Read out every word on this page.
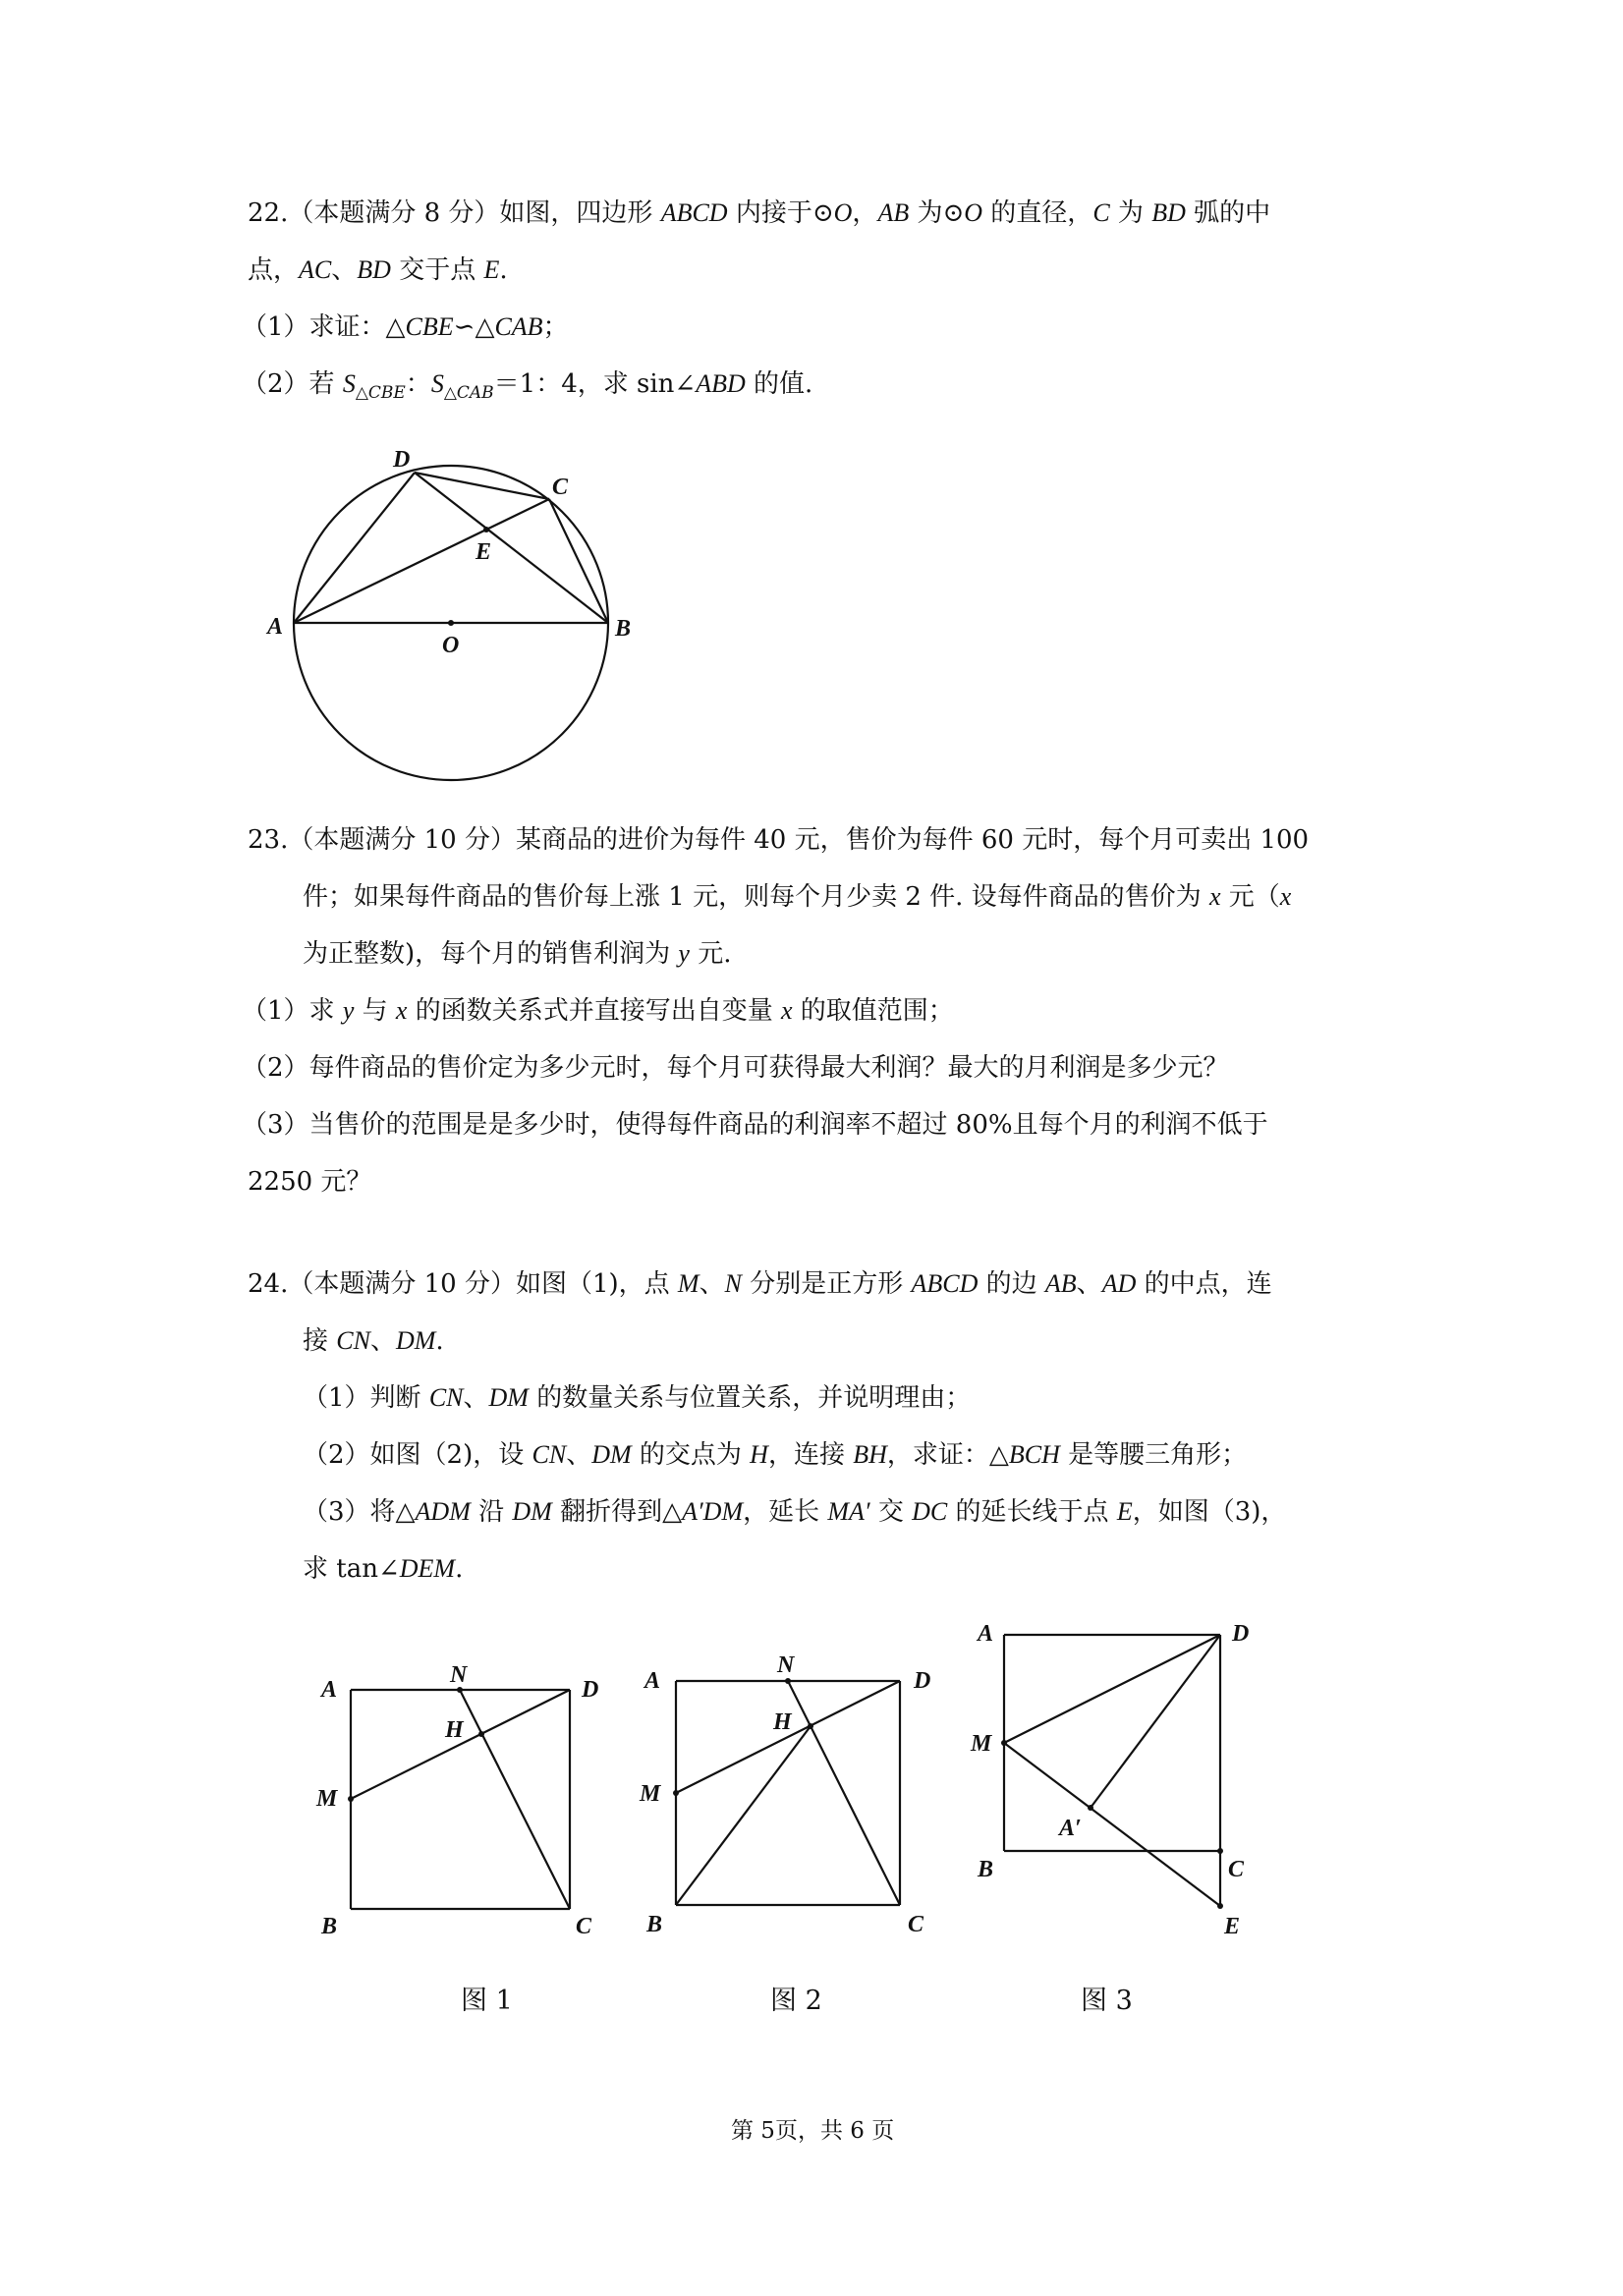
22.（本题满分 8 分）如图，四边形 ABCD 内接于⊙O，AB 为⊙O 的直径，C 为 BD 弧的中
点，AC、BD 交于点 E.
（1）求证：△CBE∽△CAB；
（2）若 $S_{\triangle CBE}$：$S_{\triangle CAB}=1$：4，求 sin∠ABD 的值.
D
C
E
A	B
O
23.（本题满分 10 分）某商品的进价为每件 40 元，售价为每件 60 元时，每个月可卖出 100
件；如果每件商品的售价每上涨 1 元，则每个月少卖 2 件. 设每件商品的售价为 x 元（x
为正整数)，每个月的销售利润为 y 元.
（1）求 y 与 x 的函数关系式并直接写出自变量 x 的取值范围；
（2）每件商品的售价定为多少元时，每个月可获得最大利润？最大的月利润是多少元？
（3）当售价的范围是是多少时，使得每件商品的利润率不超过 80%且每个月的利润不低于
2250 元？
24.（本题满分 10 分）如图（1)，点 M、N 分别是正方形 ABCD 的边 AB、AD 的中点，连
接 CN、DM.
（1）判断 CN、DM 的数量关系与位置关系，并说明理由；
（2）如图（2)，设 CN、DM 的交点为 H，连接 BH，求证：△BCH 是等腰三角形；
（3）将△ADM 沿 DM 翻折得到△A′DM，延长 MA′ 交 DC 的延长线于点 E，如图（3)，
求 tan∠DEM.
A
N
D
H
M
B	C
A
N
D
H
M
B	C
A	D
M
A′
B	C
E
图 1	图 2	图 3
第 5页，共 6 页
